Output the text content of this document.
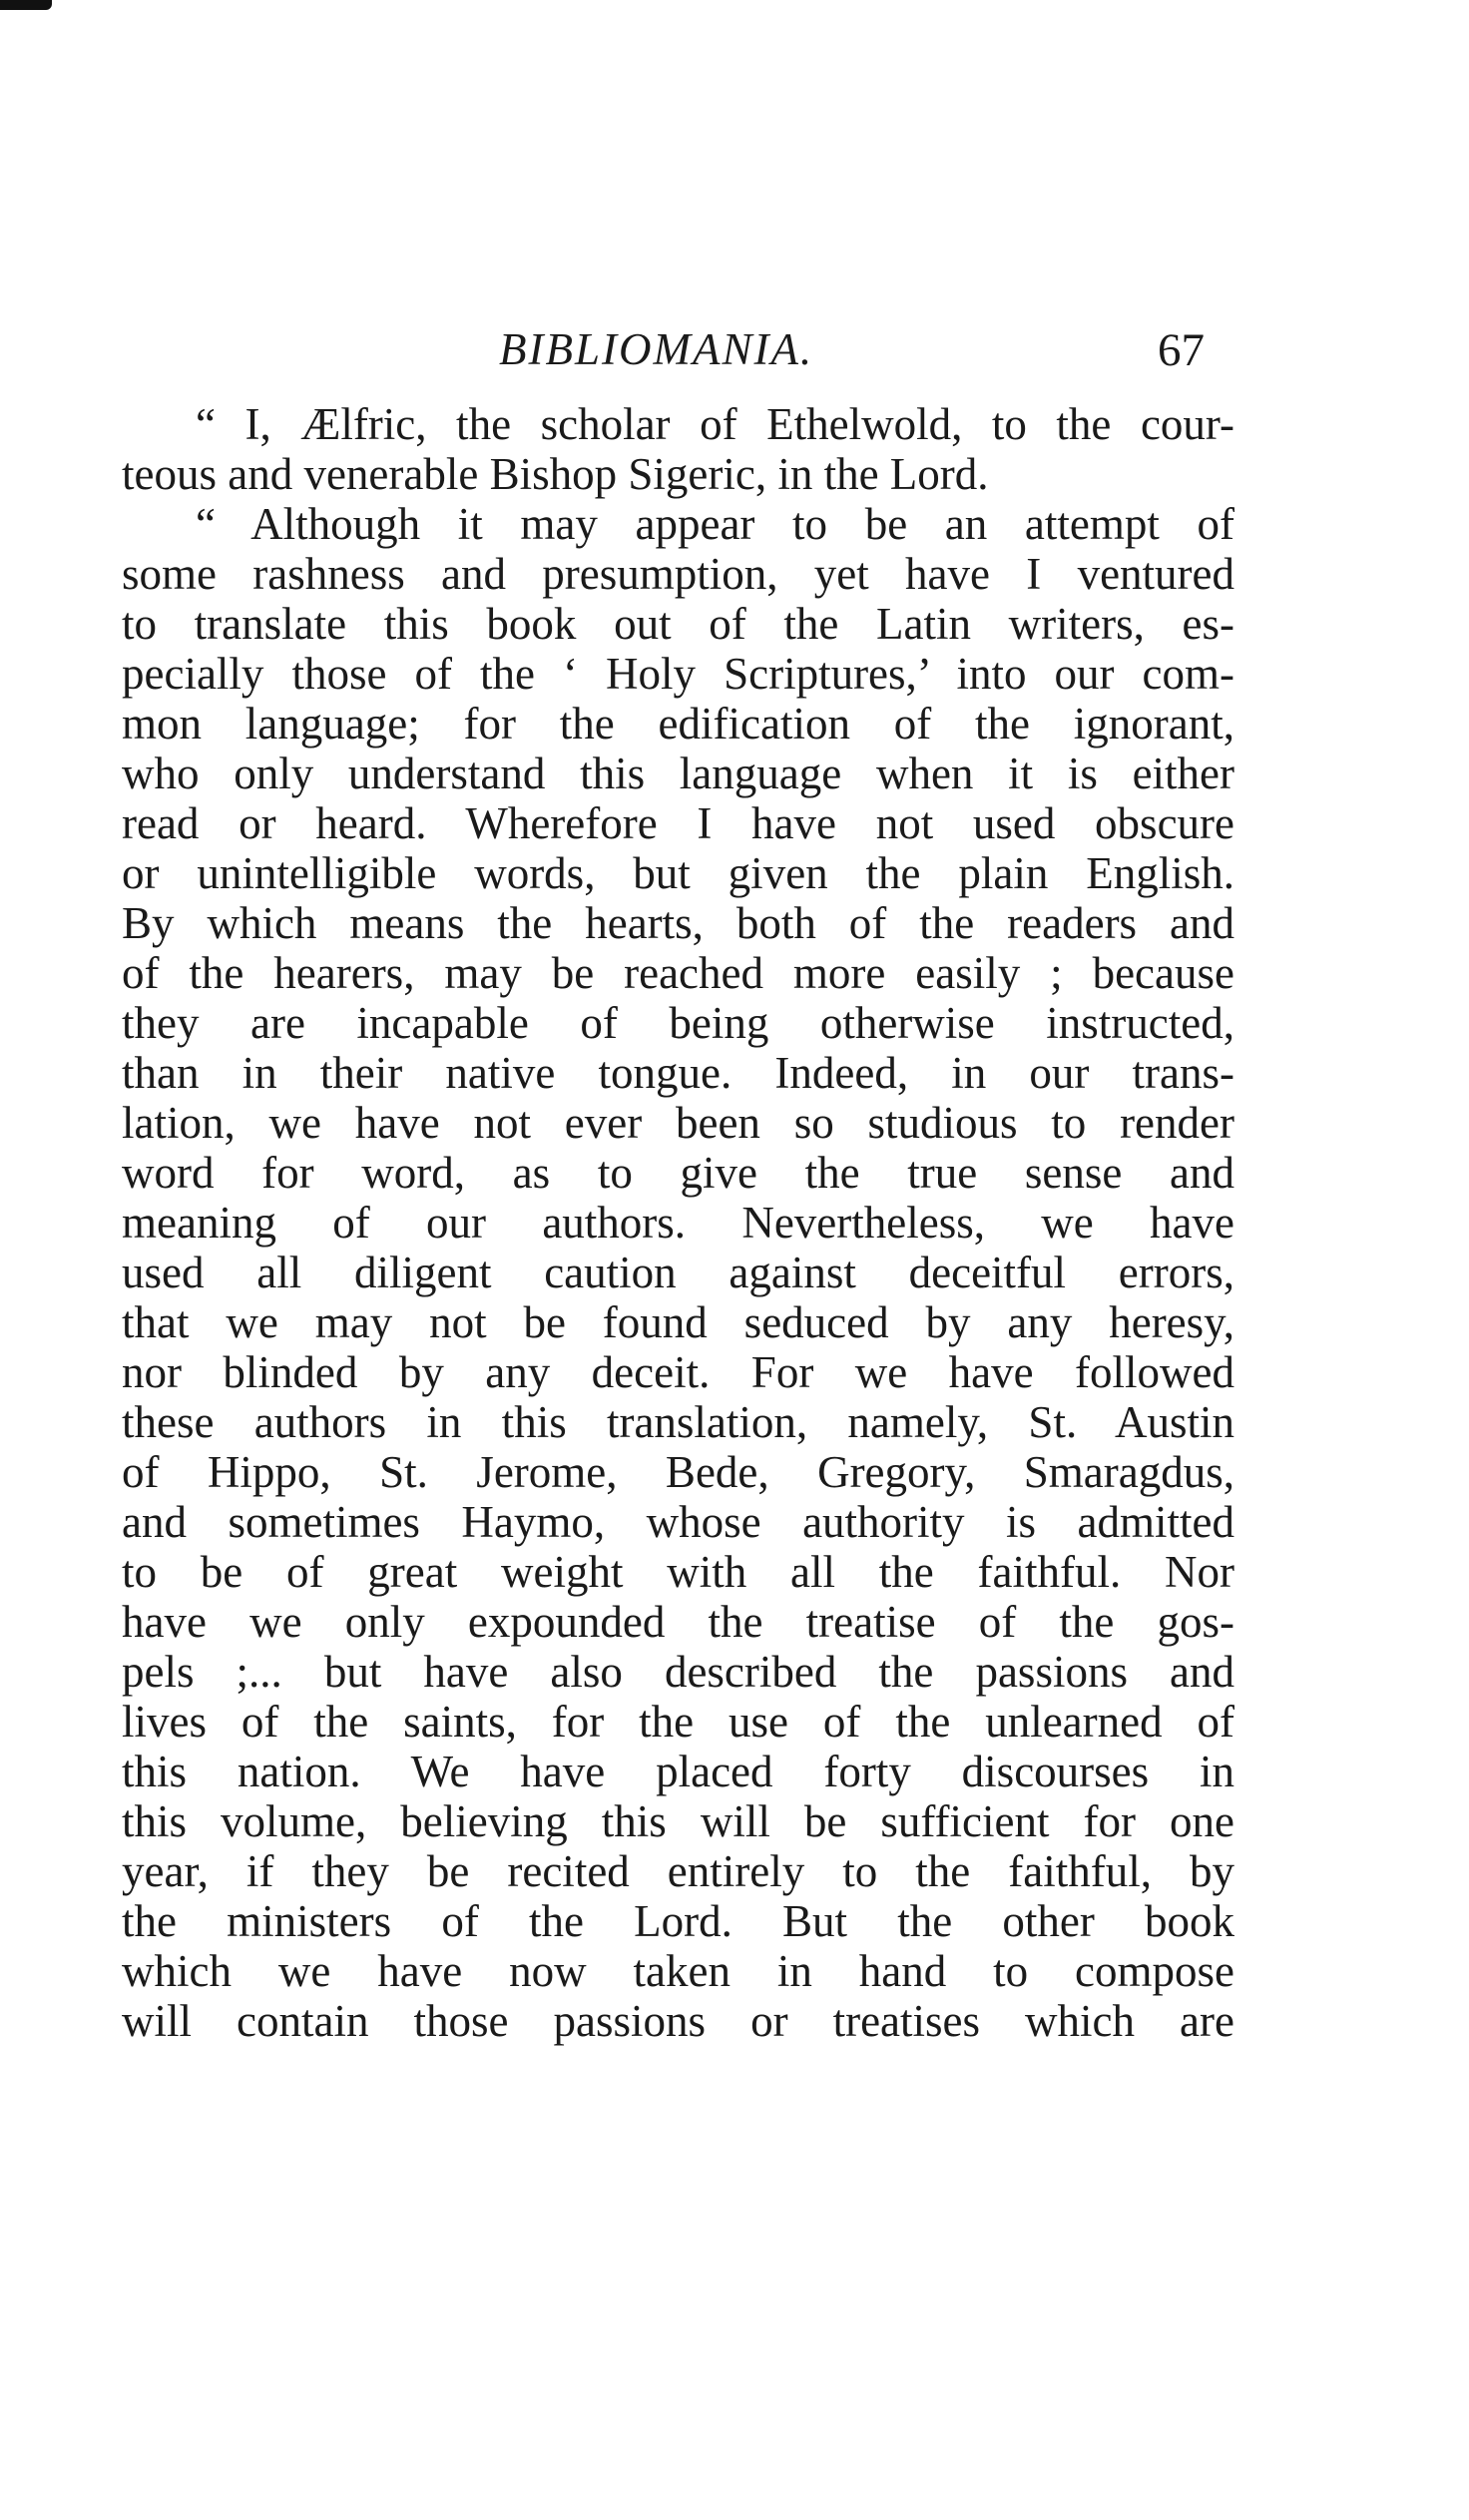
BIBLIOMANIA.	67
“ I, Ælfric, the scholar of Ethelwold, to the cour-
teous and venerable Bishop Sigeric, in the Lord.
“ Although it may appear to be an attempt of
some rashness and presumption, yet have I ventured
to translate this book out of the Latin writers, es-
pecially those of the ‘ Holy Scriptures,’ into our com-
mon language; for the edification of the ignorant,
who only understand this language when it is either
read or heard. Wherefore I have not used obscure
or unintelligible words, but given the plain English.
By which means the hearts, both of the readers and
of the hearers, may be reached more easily ; because
they are incapable of being otherwise instructed,
than in their native tongue. Indeed, in our trans-
lation, we have not ever been so studious to render
word for word, as to give the true sense and
meaning of our authors. Nevertheless, we have
used all diligent caution against deceitful errors,
that we may not be found seduced by any heresy,
nor blinded by any deceit. For we have followed
these authors in this translation, namely, St. Austin
of Hippo, St. Jerome, Bede, Gregory, Smaragdus,
and sometimes Haymo, whose authority is admitted
to be of great weight with all the faithful. Nor
have we only expounded the treatise of the gos-
pels ;... but have also described the passions and
lives of the saints, for the use of the unlearned of
this nation. We have placed forty discourses in
this volume, believing this will be sufficient for one
year, if they be recited entirely to the faithful, by
the ministers of the Lord. But the other book
which we have now taken in hand to compose
will contain those passions or treatises which are
